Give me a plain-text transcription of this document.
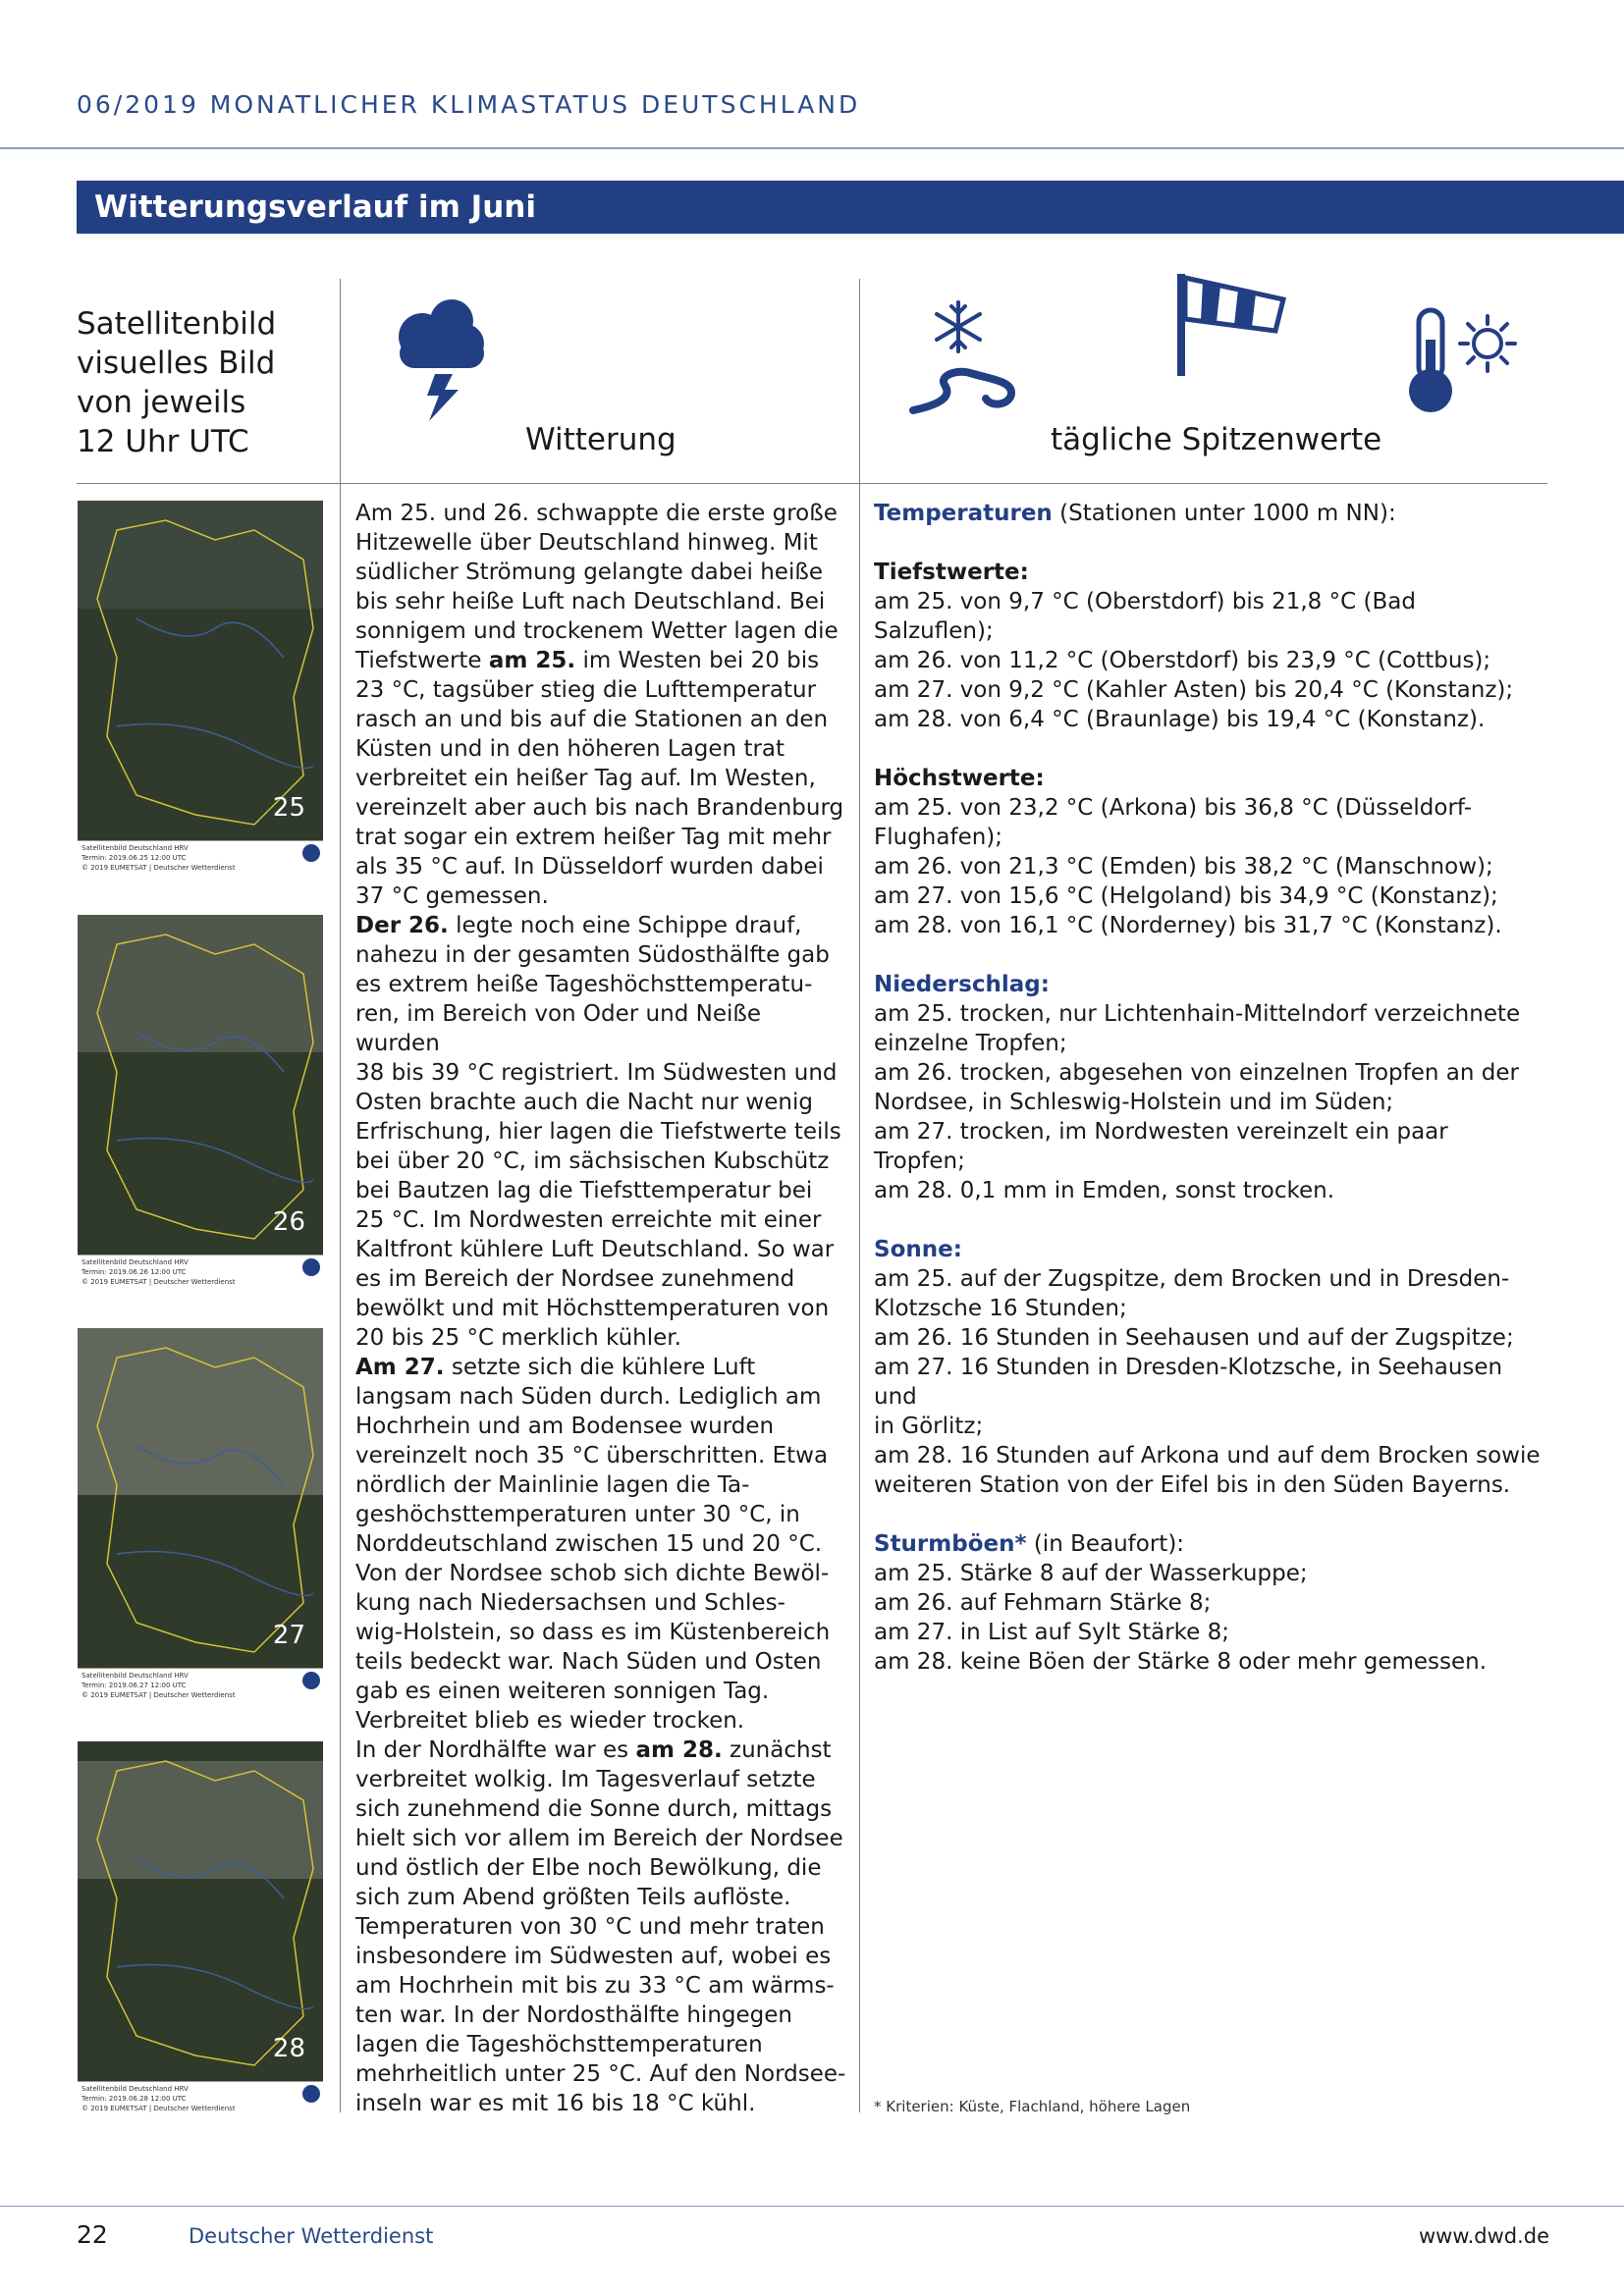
06/2019 MONATLICHER KLIMASTATUS DEUTSCHLAND
Witterungsverlauf im Juni
Satellitenbild
visuelles Bild
von jeweils
12 Uhr UTC	Witterung	tägliche Spitzenwerte
25
Satellitenbild Deutschland HRV
Termin: 2019.06.25 12:00 UTC
© 2019 EUMETSAT | Deutscher Wetterdienst
26
Satellitenbild Deutschland HRV
Termin: 2019.06.26 12:00 UTC
© 2019 EUMETSAT | Deutscher Wetterdienst
27
Satellitenbild Deutschland HRV
Termin: 2019.06.27 12:00 UTC
© 2019 EUMETSAT | Deutscher Wetterdienst
28
Satellitenbild Deutschland HRV
Termin: 2019.06.28 12:00 UTC
© 2019 EUMETSAT | Deutscher Wetterdienst
Am 25. und 26. schwappte die erste große
Hitzewelle über Deutschland hinweg. Mit
südlicher Strömung gelangte dabei heiße
bis sehr heiße Luft nach Deutschland. Bei
sonnigem und trockenem Wetter lagen die
Tiefstwerte am 25. im Westen bei 20 bis
23 °C, tagsüber stieg die Lufttemperatur
rasch an und bis auf die Stationen an den
Küsten und in den höheren Lagen trat
verbreitet ein heißer Tag auf. Im Westen,
vereinzelt aber auch bis nach Brandenburg
trat sogar ein extrem heißer Tag mit mehr
als 35 °C auf. In Düsseldorf wurden dabei
37 °C gemessen.
Der 26. legte noch eine Schippe drauf,
nahezu in der gesamten Südosthälfte gab
es extrem heiße Tageshöchsttemperatu-
ren, im Bereich von Oder und Neiße wurden
38 bis 39 °C registriert. Im Südwesten und
Osten brachte auch die Nacht nur wenig
Erfrischung, hier lagen die Tiefstwerte teils
bei über 20 °C, im sächsischen Kubschütz
bei Bautzen lag die Tiefsttemperatur bei
25 °C. Im Nordwesten erreichte mit einer
Kaltfront kühlere Luft Deutschland. So war
es im Bereich der Nordsee zunehmend
bewölkt und mit Höchsttemperaturen von
20 bis 25 °C merklich kühler.
Am 27. setzte sich die kühlere Luft
langsam nach Süden durch. Lediglich am
Hochrhein und am Bodensee wurden
vereinzelt noch 35 °C überschritten. Etwa
nördlich der Mainlinie lagen die Ta-
geshöchsttemperaturen unter 30 °C, in
Norddeutschland zwischen 15 und 20 °C.
Von der Nordsee schob sich dichte Bewöl-
kung nach Niedersachsen und Schles-
wig-Holstein, so dass es im Küstenbereich
teils bedeckt war. Nach Süden und Osten
gab es einen weiteren sonnigen Tag.
Verbreitet blieb es wieder trocken.
In der Nordhälfte war es am 28. zunächst
verbreitet wolkig. Im Tagesverlauf setzte
sich zunehmend die Sonne durch, mittags
hielt sich vor allem im Bereich der Nordsee
und östlich der Elbe noch Bewölkung, die
sich zum Abend größten Teils auflöste.
Temperaturen von 30 °C und mehr traten
insbesondere im Südwesten auf, wobei es
am Hochrhein mit bis zu 33 °C am wärms-
ten war. In der Nordosthälfte hingegen
lagen die Tageshöchsttemperaturen
mehrheitlich unter 25 °C. Auf den Nordsee-
inseln war es mit 16 bis 18 °C kühl.
Temperaturen (Stationen unter 1000 m NN):
Tiefstwerte:
am 25. von 9,7 °C (Oberstdorf) bis 21,8 °C (Bad Salzuflen);
am 26. von 11,2 °C (Oberstdorf) bis 23,9 °C (Cottbus);
am 27. von 9,2 °C (Kahler Asten) bis 20,4 °C (Konstanz);
am 28. von 6,4 °C (Braunlage) bis 19,4 °C (Konstanz).
Höchstwerte:
am 25. von 23,2 °C (Arkona) bis 36,8 °C (Düsseldorf-
Flughafen);
am 26. von 21,3 °C (Emden) bis 38,2 °C (Manschnow);
am 27. von 15,6 °C (Helgoland) bis 34,9 °C (Konstanz);
am 28. von 16,1 °C (Norderney) bis 31,7 °C (Konstanz).
Niederschlag:
am 25. trocken, nur Lichtenhain-Mittelndorf verzeichnete
einzelne Tropfen;
am 26. trocken, abgesehen von einzelnen Tropfen an der
Nordsee, in Schleswig-Holstein und im Süden;
am 27. trocken, im Nordwesten vereinzelt ein paar Tropfen;
am 28. 0,1 mm in Emden, sonst trocken.
Sonne:
am 25. auf der Zugspitze, dem Brocken und in Dresden-
Klotzsche 16 Stunden;
am 26. 16 Stunden in Seehausen und auf der Zugspitze;
am 27. 16 Stunden in Dresden-Klotzsche, in Seehausen und
in Görlitz;
am 28. 16 Stunden auf Arkona und auf dem Brocken sowie
weiteren Station von der Eifel bis in den Süden Bayerns.
Sturmböen* (in Beaufort):
am 25. Stärke 8 auf der Wasserkuppe;
am 26. auf Fehmarn Stärke 8;
am 27. in List auf Sylt Stärke 8;
am 28. keine Böen der Stärke 8 oder mehr gemessen.
* Kriterien: Küste, Flachland, höhere Lagen
22	Deutscher Wetterdienst	www.dwd.de
